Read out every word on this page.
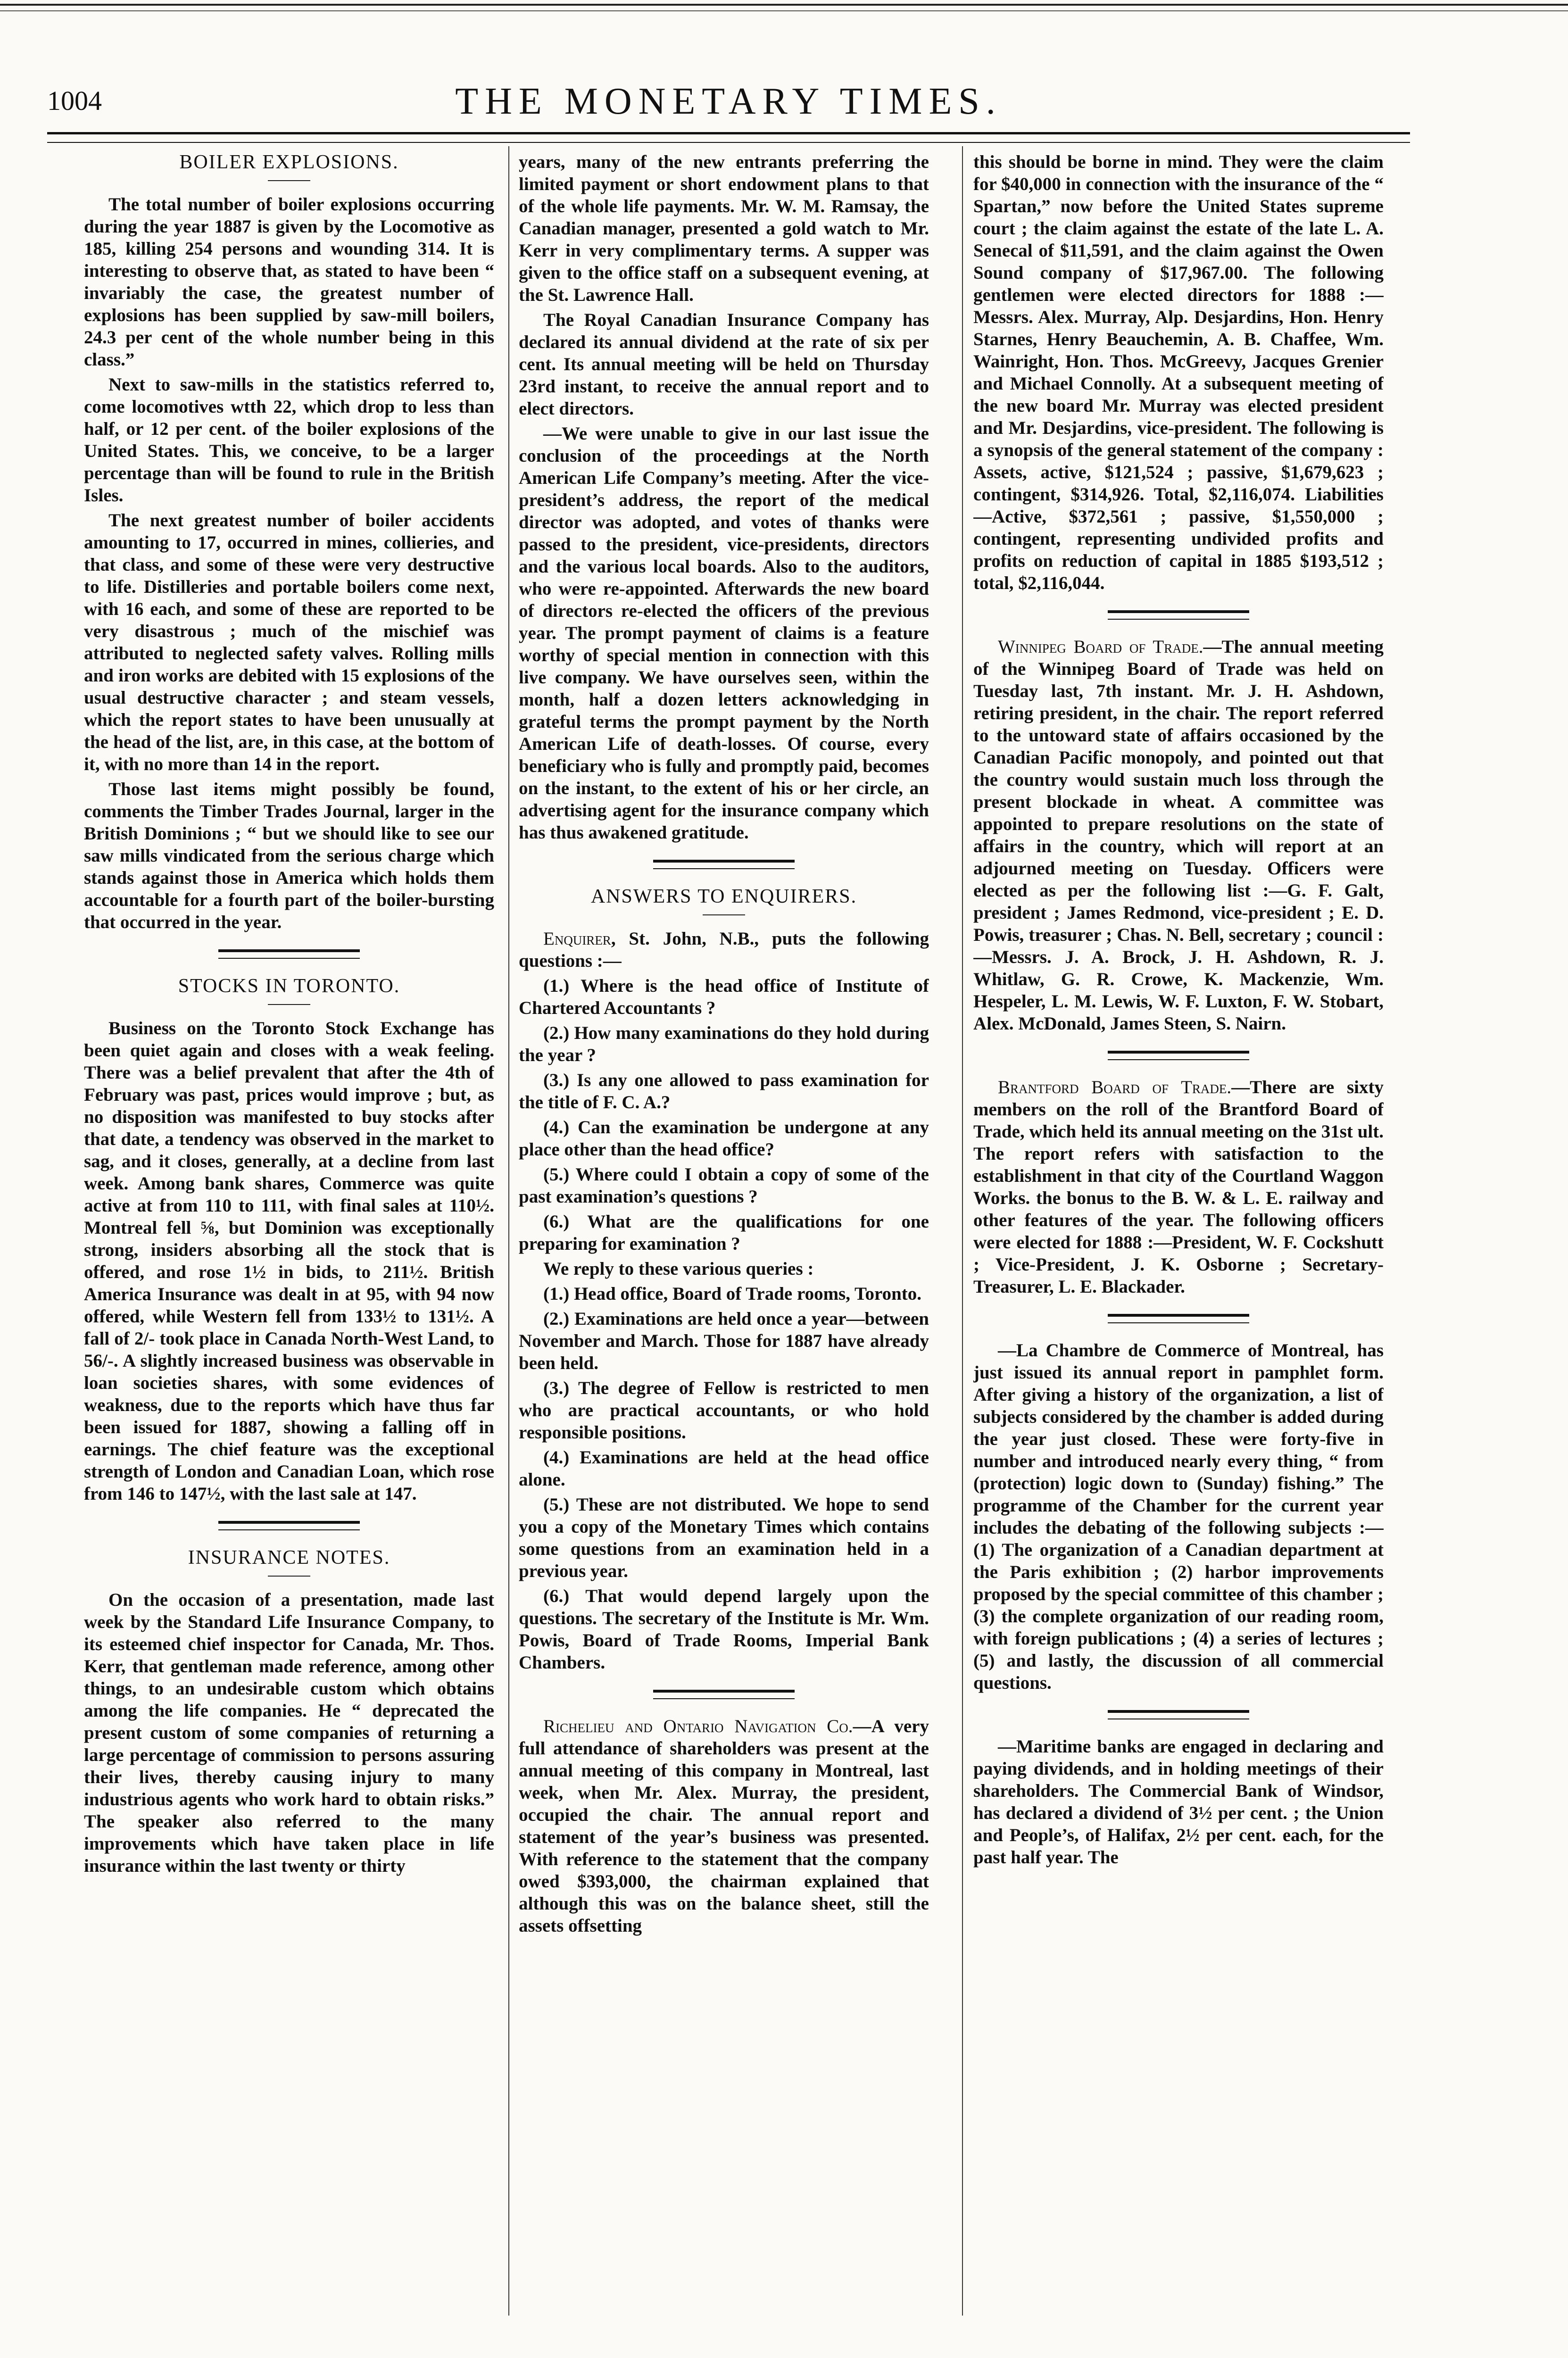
1004	THE MONETARY TIMES.
BOILER EXPLOSIONS.

The total number of boiler explosions occurring during the year 1887 is given by the Locomotive as 185, killing 254 persons and wounding 314. It is interesting to observe that, as stated to have been “ invariably the case, the greatest number of explosions has been supplied by saw-mill boilers, 24.3 per cent of the whole number being in this class.”

Next to saw-mills in the statistics referred to, come locomotives wtth 22, which drop to less than half, or 12 per cent. of the boiler explosions of the United States. This, we conceive, to be a larger percentage than will be found to rule in the British Isles.

The next greatest number of boiler accidents amounting to 17, occurred in mines, collieries, and that class, and some of these were very destructive to life. Distilleries and portable boilers come next, with 16 each, and some of these are reported to be very disastrous ; much of the mischief was attributed to neglected safety valves. Rolling mills and iron works are debited with 15 explosions of the usual destructive character ; and steam vessels, which the report states to have been unusually at the head of the list, are, in this case, at the bottom of it, with no more than 14 in the report.

Those last items might possibly be found, comments the Timber Trades Journal, larger in the British Dominions ; “ but we should like to see our saw mills vindicated from the serious charge which stands against those in America which holds them accountable for a fourth part of the boiler-bursting that occurred in the year.

STOCKS IN TORONTO.

Business on the Toronto Stock Exchange has been quiet again and closes with a weak feeling. There was a belief prevalent that after the 4th of February was past, prices would improve ; but, as no disposition was manifested to buy stocks after that date, a tendency was observed in the market to sag, and it closes, generally, at a decline from last week. Among bank shares, Commerce was quite active at from 110 to 111, with final sales at 110½. Montreal fell ⅝, but Dominion was exceptionally strong, insiders absorbing all the stock that is offered, and rose 1½ in bids, to 211½. British America Insurance was dealt in at 95, with 94 now offered, while Western fell from 133½ to 131½. A fall of 2/- took place in Canada North-West Land, to 56/-. A slightly increased business was observable in loan societies shares, with some evidences of weakness, due to the reports which have thus far been issued for 1887, showing a falling off in earnings. The chief feature was the exceptional strength of London and Canadian Loan, which rose from 146 to 147½, with the last sale at 147.

INSURANCE NOTES.

On the occasion of a presentation, made last week by the Standard Life Insurance Company, to its esteemed chief inspector for Canada, Mr. Thos. Kerr, that gentleman made reference, among other things, to an undesirable custom which obtains among the life companies. He “ deprecated the present custom of some companies of returning a large percentage of commission to persons assuring their lives, thereby causing injury to many industrious agents who work hard to obtain risks.” The speaker also referred to the many improvements which have taken place in life insurance within the last twenty or thirty

years, many of the new entrants preferring the limited payment or short endowment plans to that of the whole life payments. Mr. W. M. Ramsay, the Canadian manager, presented a gold watch to Mr. Kerr in very complimentary terms. A supper was given to the office staff on a subsequent evening, at the St. Lawrence Hall.

The Royal Canadian Insurance Company has declared its annual dividend at the rate of six per cent. Its annual meeting will be held on Thursday 23rd instant, to receive the annual report and to elect directors.

—We were unable to give in our last issue the conclusion of the proceedings at the North American Life Company’s meeting. After the vice-president’s address, the report of the medical director was adopted, and votes of thanks were passed to the president, vice-presidents, directors and the various local boards. Also to the auditors, who were re-appointed. Afterwards the new board of directors re-elected the officers of the previous year. The prompt payment of claims is a feature worthy of special mention in connection with this live company. We have ourselves seen, within the month, half a dozen letters acknowledging in grateful terms the prompt payment by the North American Life of death-losses. Of course, every beneficiary who is fully and promptly paid, becomes on the instant, to the extent of his or her circle, an advertising agent for the insurance company which has thus awakened gratitude.

ANSWERS TO ENQUIRERS.

Enquirer, St. John, N.B., puts the following questions :—

(1.) Where is the head office of Institute of Chartered Accountants ?

(2.) How many examinations do they hold during the year ?

(3.) Is any one allowed to pass examination for the title of F. C. A.?

(4.) Can the examination be undergone at any place other than the head office?

(5.) Where could I obtain a copy of some of the past examination’s questions ?

(6.) What are the qualifications for one preparing for examination ?

We reply to these various queries :

(1.) Head office, Board of Trade rooms, Toronto.

(2.) Examinations are held once a year—between November and March. Those for 1887 have already been held.

(3.) The degree of Fellow is restricted to men who are practical accountants, or who hold responsible positions.

(4.) Examinations are held at the head office alone.

(5.) These are not distributed. We hope to send you a copy of the Monetary Times which contains some questions from an examination held in a previous year.

(6.) That would depend largely upon the questions. The secretary of the Institute is Mr. Wm. Powis, Board of Trade Rooms, Imperial Bank Chambers.

Richelieu and Ontario Navigation Co.—A very full attendance of shareholders was present at the annual meeting of this company in Montreal, last week, when Mr. Alex. Murray, the president, occupied the chair. The annual report and statement of the year’s business was presented. With reference to the statement that the company owed $393,000, the chairman explained that although this was on the balance sheet, still the assets offsetting

this should be borne in mind. They were the claim for $40,000 in connection with the insurance of the “ Spartan,” now before the United States supreme court ; the claim against the estate of the late L. A. Senecal of $11,591, and the claim against the Owen Sound company of $17,967.00. The following gentlemen were elected directors for 1888 :—Messrs. Alex. Murray, Alp. Desjardins, Hon. Henry Starnes, Henry Beauchemin, A. B. Chaffee, Wm. Wainright, Hon. Thos. McGreevy, Jacques Grenier and Michael Connolly. At a subsequent meeting of the new board Mr. Murray was elected president and Mr. Desjardins, vice-president. The following is a synopsis of the general statement of the company : Assets, active, $121,524 ; passive, $1,679,623 ; contingent, $314,926. Total, $2,116,074. Liabilities —Active, $372,561 ; passive, $1,550,000 ; contingent, representing undivided profits and profits on reduction of capital in 1885 $193,512 ; total, $2,116,044.

Winnipeg Board of Trade.—The annual meeting of the Winnipeg Board of Trade was held on Tuesday last, 7th instant. Mr. J. H. Ashdown, retiring president, in the chair. The report referred to the untoward state of affairs occasioned by the Canadian Pacific monopoly, and pointed out that the country would sustain much loss through the present blockade in wheat. A committee was appointed to prepare resolutions on the state of affairs in the country, which will report at an adjourned meeting on Tuesday. Officers were elected as per the following list :—G. F. Galt, president ; James Redmond, vice-president ; E. D. Powis, treasurer ; Chas. N. Bell, secretary ; council : —Messrs. J. A. Brock, J. H. Ashdown, R. J. Whitlaw, G. R. Crowe, K. Mackenzie, Wm. Hespeler, L. M. Lewis, W. F. Luxton, F. W. Stobart, Alex. McDonald, James Steen, S. Nairn.

Brantford Board of Trade.—There are sixty members on the roll of the Brantford Board of Trade, which held its annual meeting on the 31st ult. The report refers with satisfaction to the establishment in that city of the Courtland Waggon Works. the bonus to the B. W. & L. E. railway and other features of the year. The following officers were elected for 1888 :—President, W. F. Cockshutt ; Vice-President, J. K. Osborne ; Secretary-Treasurer, L. E. Blackader.

—La Chambre de Commerce of Montreal, has just issued its annual report in pamphlet form. After giving a history of the organization, a list of subjects considered by the chamber is added during the year just closed. These were forty-five in number and introduced nearly every thing, “ from (protection) logic down to (Sunday) fishing.” The programme of the Chamber for the current year includes the debating of the following subjects :—(1) The organization of a Canadian department at the Paris exhibition ; (2) harbor improvements proposed by the special committee of this chamber ; (3) the complete organization of our reading room, with foreign publications ; (4) a series of lectures ; (5) and lastly, the discussion of all commercial questions.

—Maritime banks are engaged in declaring and paying dividends, and in holding meetings of their shareholders. The Commercial Bank of Windsor, has declared a dividend of 3½ per cent. ; the Union and People’s, of Halifax, 2½ per cent. each, for the past half year. The
